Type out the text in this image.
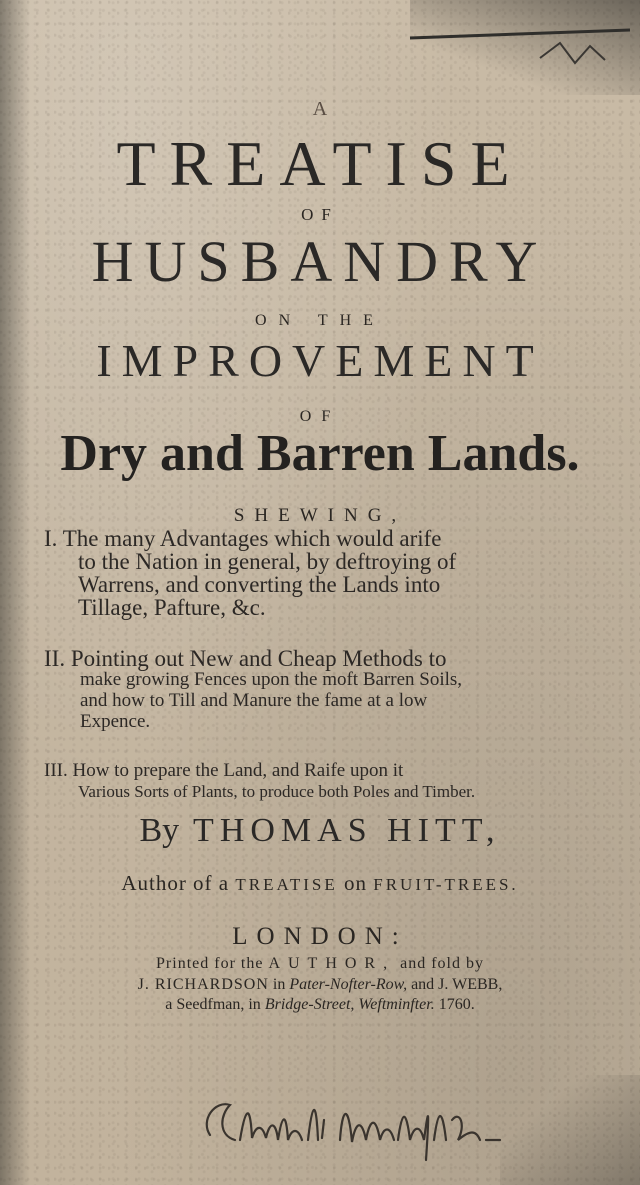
A
TREATISE
OF
HUSBANDRY
ON THE
IMPROVEMENT
OF
Dry and Barren Lands.
SHEWING,

I. The many Advantages which would arife

to the Nation in general, by deftroying of

Warrens, and converting the Lands into

Tillage, Pafture, &c.

II. Pointing out New and Cheap Methods to

make growing Fences upon the moft Barren Soils,

and how to Till and Manure the fame at a low

Expence.

III. How to prepare the Land, and Raife upon it

Various Sorts of Plants, to produce both Poles and Timber.

By THOMAS HITT,
Author of a TREATISE on FRUIT-TREES.
LONDON:
Printed for the AUTHOR, and fold by
J. RICHARDSON in Pater-Nofter-Row, and J. WEBB,
a Seedfman, in Bridge-Street, Weftminfter. 1760.
